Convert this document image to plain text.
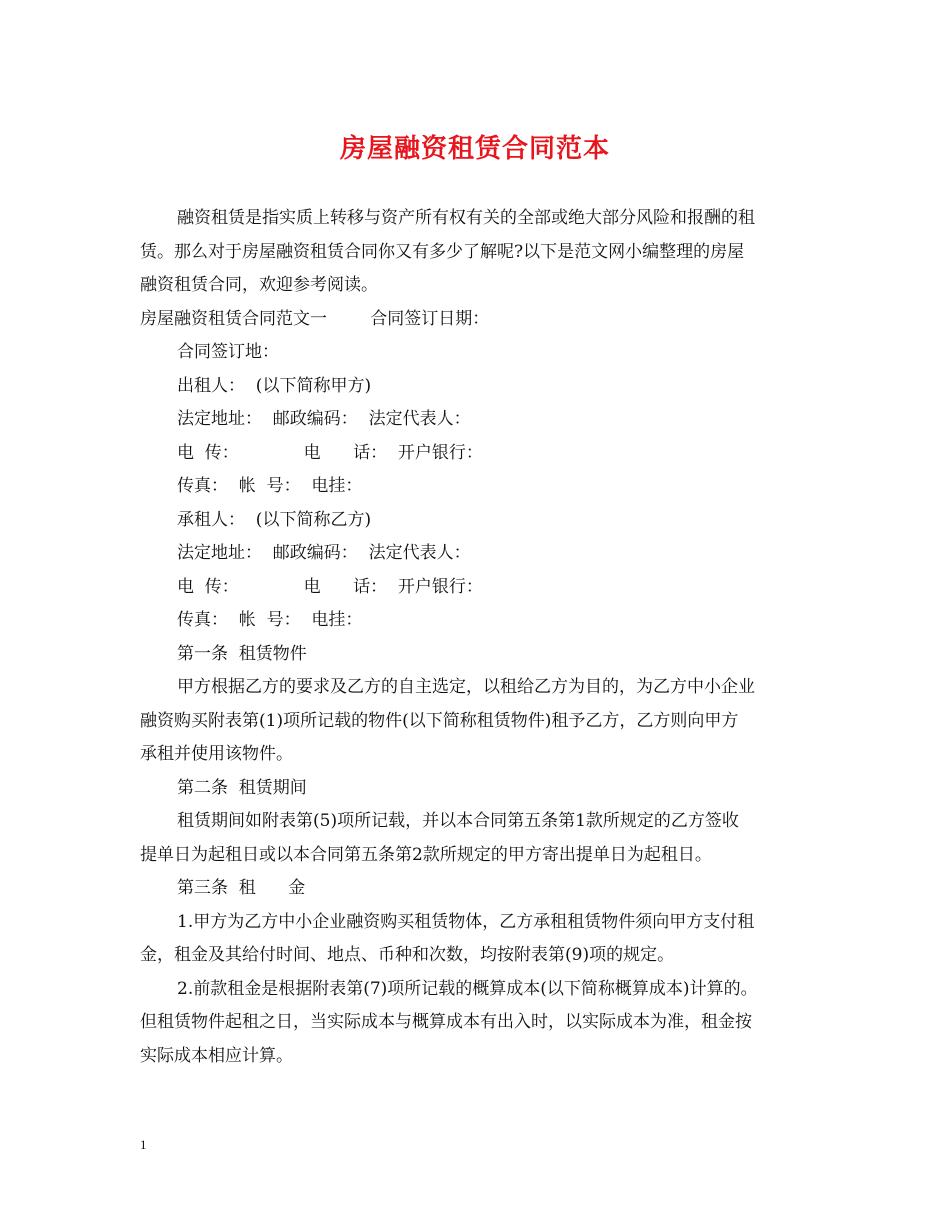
房屋融资租赁合同范本
融资租赁是指实质上转移与资产所有权有关的全部或绝大部分风险和报酬的租
赁。那么对于房屋融资租赁合同你又有多少了解呢?以下是范文网小编整理的房屋
融资租赁合同，欢迎参考阅读。
房屋融资租赁合同范文一        合同签订日期：
合同签订地：
出租人：  (以下简称甲方)
法定地址：  邮政编码：  法定代表人：
电  传：            电      话：  开户银行：
传真：  帐  号：  电挂：
承租人：  (以下简称乙方)
法定地址：  邮政编码：  法定代表人：
电  传：            电      话：  开户银行：
传真：  帐  号：  电挂：
第一条  租赁物件
甲方根据乙方的要求及乙方的自主选定，以租给乙方为目的，为乙方中小企业
融资购买附表第(1)项所记载的物件(以下简称租赁物件)租予乙方，乙方则向甲方
承租并使用该物件。
第二条  租赁期间
租赁期间如附表第(5)项所记载，并以本合同第五条第1款所规定的乙方签收
提单日为起租日或以本合同第五条第2款所规定的甲方寄出提单日为起租日。
第三条  租      金
1.甲方为乙方中小企业融资购买租赁物体，乙方承租租赁物件须向甲方支付租
金，租金及其给付时间、地点、币种和次数，均按附表第(9)项的规定。
2.前款租金是根据附表第(7)项所记载的概算成本(以下简称概算成本)计算的。
但租赁物件起租之日，当实际成本与概算成本有出入时，以实际成本为准，租金按
实际成本相应计算。
1
